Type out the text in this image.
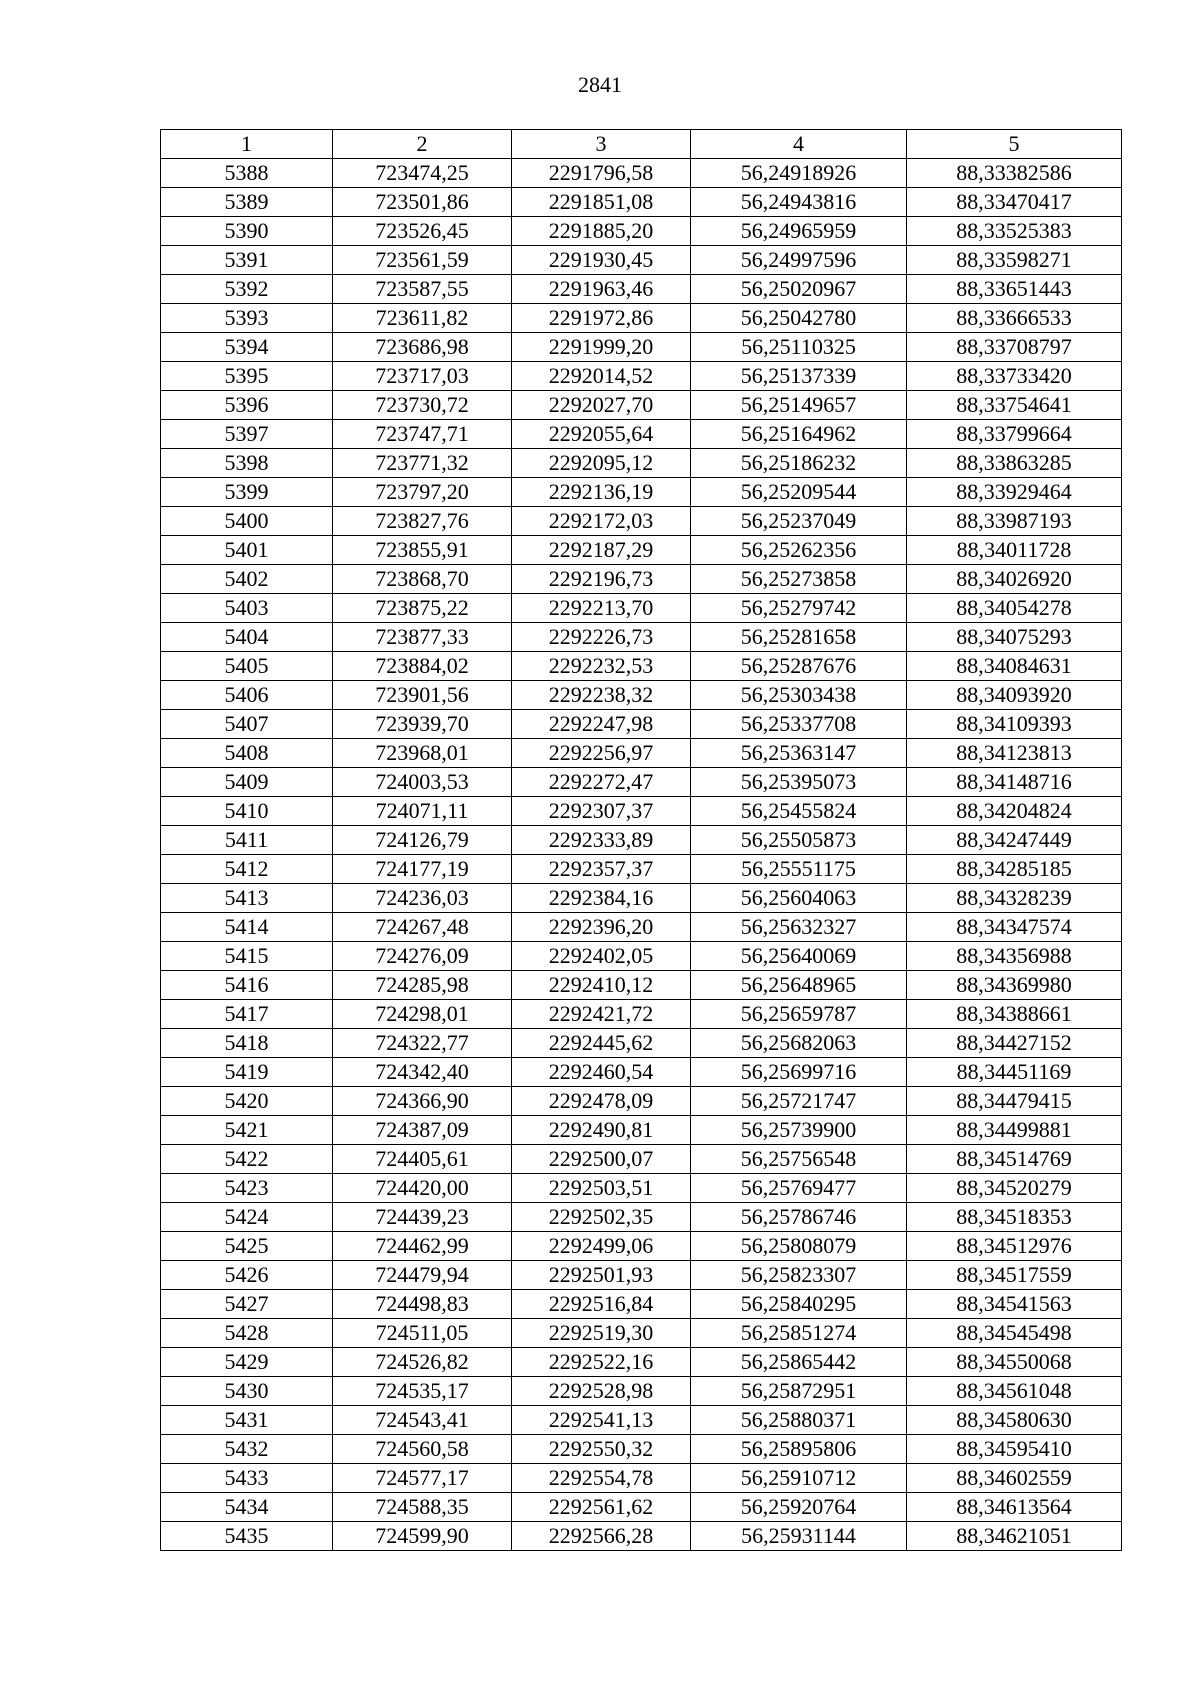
2841
1	2	3	4	5
5388	723474,25	2291796,58	56,24918926	88,33382586
5389	723501,86	2291851,08	56,24943816	88,33470417
5390	723526,45	2291885,20	56,24965959	88,33525383
5391	723561,59	2291930,45	56,24997596	88,33598271
5392	723587,55	2291963,46	56,25020967	88,33651443
5393	723611,82	2291972,86	56,25042780	88,33666533
5394	723686,98	2291999,20	56,25110325	88,33708797
5395	723717,03	2292014,52	56,25137339	88,33733420
5396	723730,72	2292027,70	56,25149657	88,33754641
5397	723747,71	2292055,64	56,25164962	88,33799664
5398	723771,32	2292095,12	56,25186232	88,33863285
5399	723797,20	2292136,19	56,25209544	88,33929464
5400	723827,76	2292172,03	56,25237049	88,33987193
5401	723855,91	2292187,29	56,25262356	88,34011728
5402	723868,70	2292196,73	56,25273858	88,34026920
5403	723875,22	2292213,70	56,25279742	88,34054278
5404	723877,33	2292226,73	56,25281658	88,34075293
5405	723884,02	2292232,53	56,25287676	88,34084631
5406	723901,56	2292238,32	56,25303438	88,34093920
5407	723939,70	2292247,98	56,25337708	88,34109393
5408	723968,01	2292256,97	56,25363147	88,34123813
5409	724003,53	2292272,47	56,25395073	88,34148716
5410	724071,11	2292307,37	56,25455824	88,34204824
5411	724126,79	2292333,89	56,25505873	88,34247449
5412	724177,19	2292357,37	56,25551175	88,34285185
5413	724236,03	2292384,16	56,25604063	88,34328239
5414	724267,48	2292396,20	56,25632327	88,34347574
5415	724276,09	2292402,05	56,25640069	88,34356988
5416	724285,98	2292410,12	56,25648965	88,34369980
5417	724298,01	2292421,72	56,25659787	88,34388661
5418	724322,77	2292445,62	56,25682063	88,34427152
5419	724342,40	2292460,54	56,25699716	88,34451169
5420	724366,90	2292478,09	56,25721747	88,34479415
5421	724387,09	2292490,81	56,25739900	88,34499881
5422	724405,61	2292500,07	56,25756548	88,34514769
5423	724420,00	2292503,51	56,25769477	88,34520279
5424	724439,23	2292502,35	56,25786746	88,34518353
5425	724462,99	2292499,06	56,25808079	88,34512976
5426	724479,94	2292501,93	56,25823307	88,34517559
5427	724498,83	2292516,84	56,25840295	88,34541563
5428	724511,05	2292519,30	56,25851274	88,34545498
5429	724526,82	2292522,16	56,25865442	88,34550068
5430	724535,17	2292528,98	56,25872951	88,34561048
5431	724543,41	2292541,13	56,25880371	88,34580630
5432	724560,58	2292550,32	56,25895806	88,34595410
5433	724577,17	2292554,78	56,25910712	88,34602559
5434	724588,35	2292561,62	56,25920764	88,34613564
5435	724599,90	2292566,28	56,25931144	88,34621051
